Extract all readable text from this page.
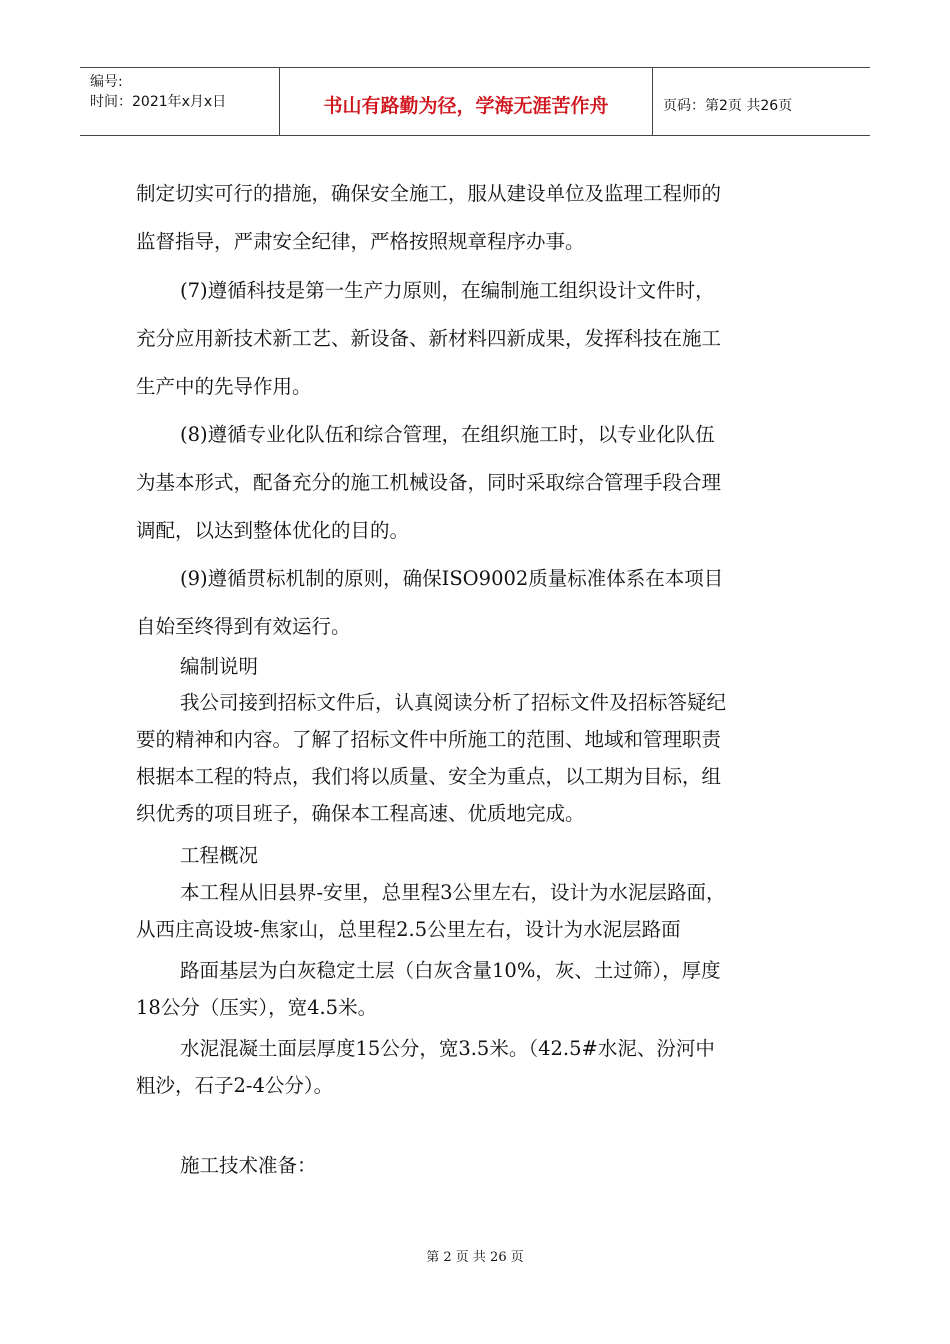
编号:
时间：2021年x月x日	书山有路勤为径，学海无涯苦作舟	页码：第2页 共26页

制定切实可行的措施，确保安全施工，服从建设单位及监理工程师的

监督指导，严肃安全纪律，严格按照规章程序办事。

(7)遵循科技是第一生产力原则，在编制施工组织设计文件时，

充分应用新技术新工艺、新设备、新材料四新成果，发挥科技在施工

生产中的先导作用。

(8)遵循专业化队伍和综合管理，在组织施工时，以专业化队伍

为基本形式，配备充分的施工机械设备，同时采取综合管理手段合理

调配，以达到整体优化的目的。

(9)遵循贯标机制的原则，确保ISO9002质量标准体系在本项目

自始至终得到有效运行。

编制说明

我公司接到招标文件后，认真阅读分析了招标文件及招标答疑纪

要的精神和内容。了解了招标文件中所施工的范围、地域和管理职责

根据本工程的特点，我们将以质量、安全为重点，以工期为目标，组

织优秀的项目班子，确保本工程高速、优质地完成。

工程概况

本工程从旧县界-安里，总里程3公里左右，设计为水泥层路面，

从西庄高设坡-焦家山，总里程2.5公里左右，设计为水泥层路面

路面基层为白灰稳定土层（白灰含量10%，灰、土过筛），厚度

18公分（压实），宽4.5米。

水泥混凝土面层厚度15公分，宽3.5米。（42.5#水泥、汾河中

粗沙，石子2-4公分）。

施工技术准备：

第 2 页 共 26 页
